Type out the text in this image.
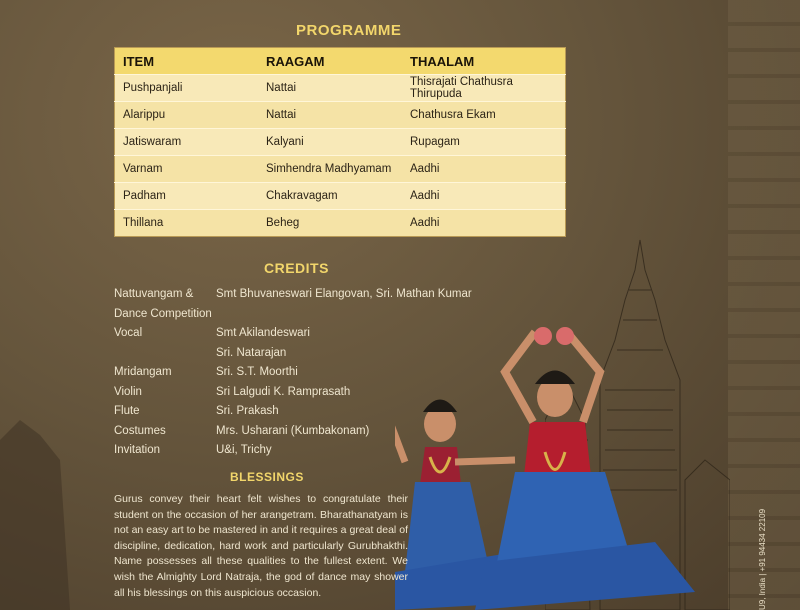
PROGRAMME
ITEM	RAAGAM	THAALAM
Pushpanjali	Nattai	Thisrajati Chathusra Thirupuda
Alarippu	Nattai	Chathusra Ekam
Jatiswaram	Kalyani	Rupagam
Varnam	Simhendra Madhyamam	Aadhi
Padham	Chakravagam	Aadhi
Thillana	Beheg	Aadhi
CREDITS
Nattuvangam &	Smt Bhuvaneswari Elangovan, Sri. Mathan Kumar
Dance Competition
Vocal	Smt Akilandeswari
Sri. Natarajan
Mridangam	Sri. S.T. Moorthi
Violin	Sri Lalgudi K. Ramprasath
Flute	Sri. Prakash
Costumes	Mrs. Usharani (Kumbakonam)
Invitation	U&i, Trichy
BLESSINGS
Gurus convey their heart felt wishes to congratulate their student on the occasion of her arangetram. Bharathanatyam is not an easy art to be mastered in and it requires a great deal of discipline, dedication, hard work and particularly Gurubhakthi. Name possesses all these qualities to the fullest extent. We wish the Almighty Lord Natraja, the god of dance may shower all his blessings on this auspicious occasion.	U9, India | +91 94434 22109
